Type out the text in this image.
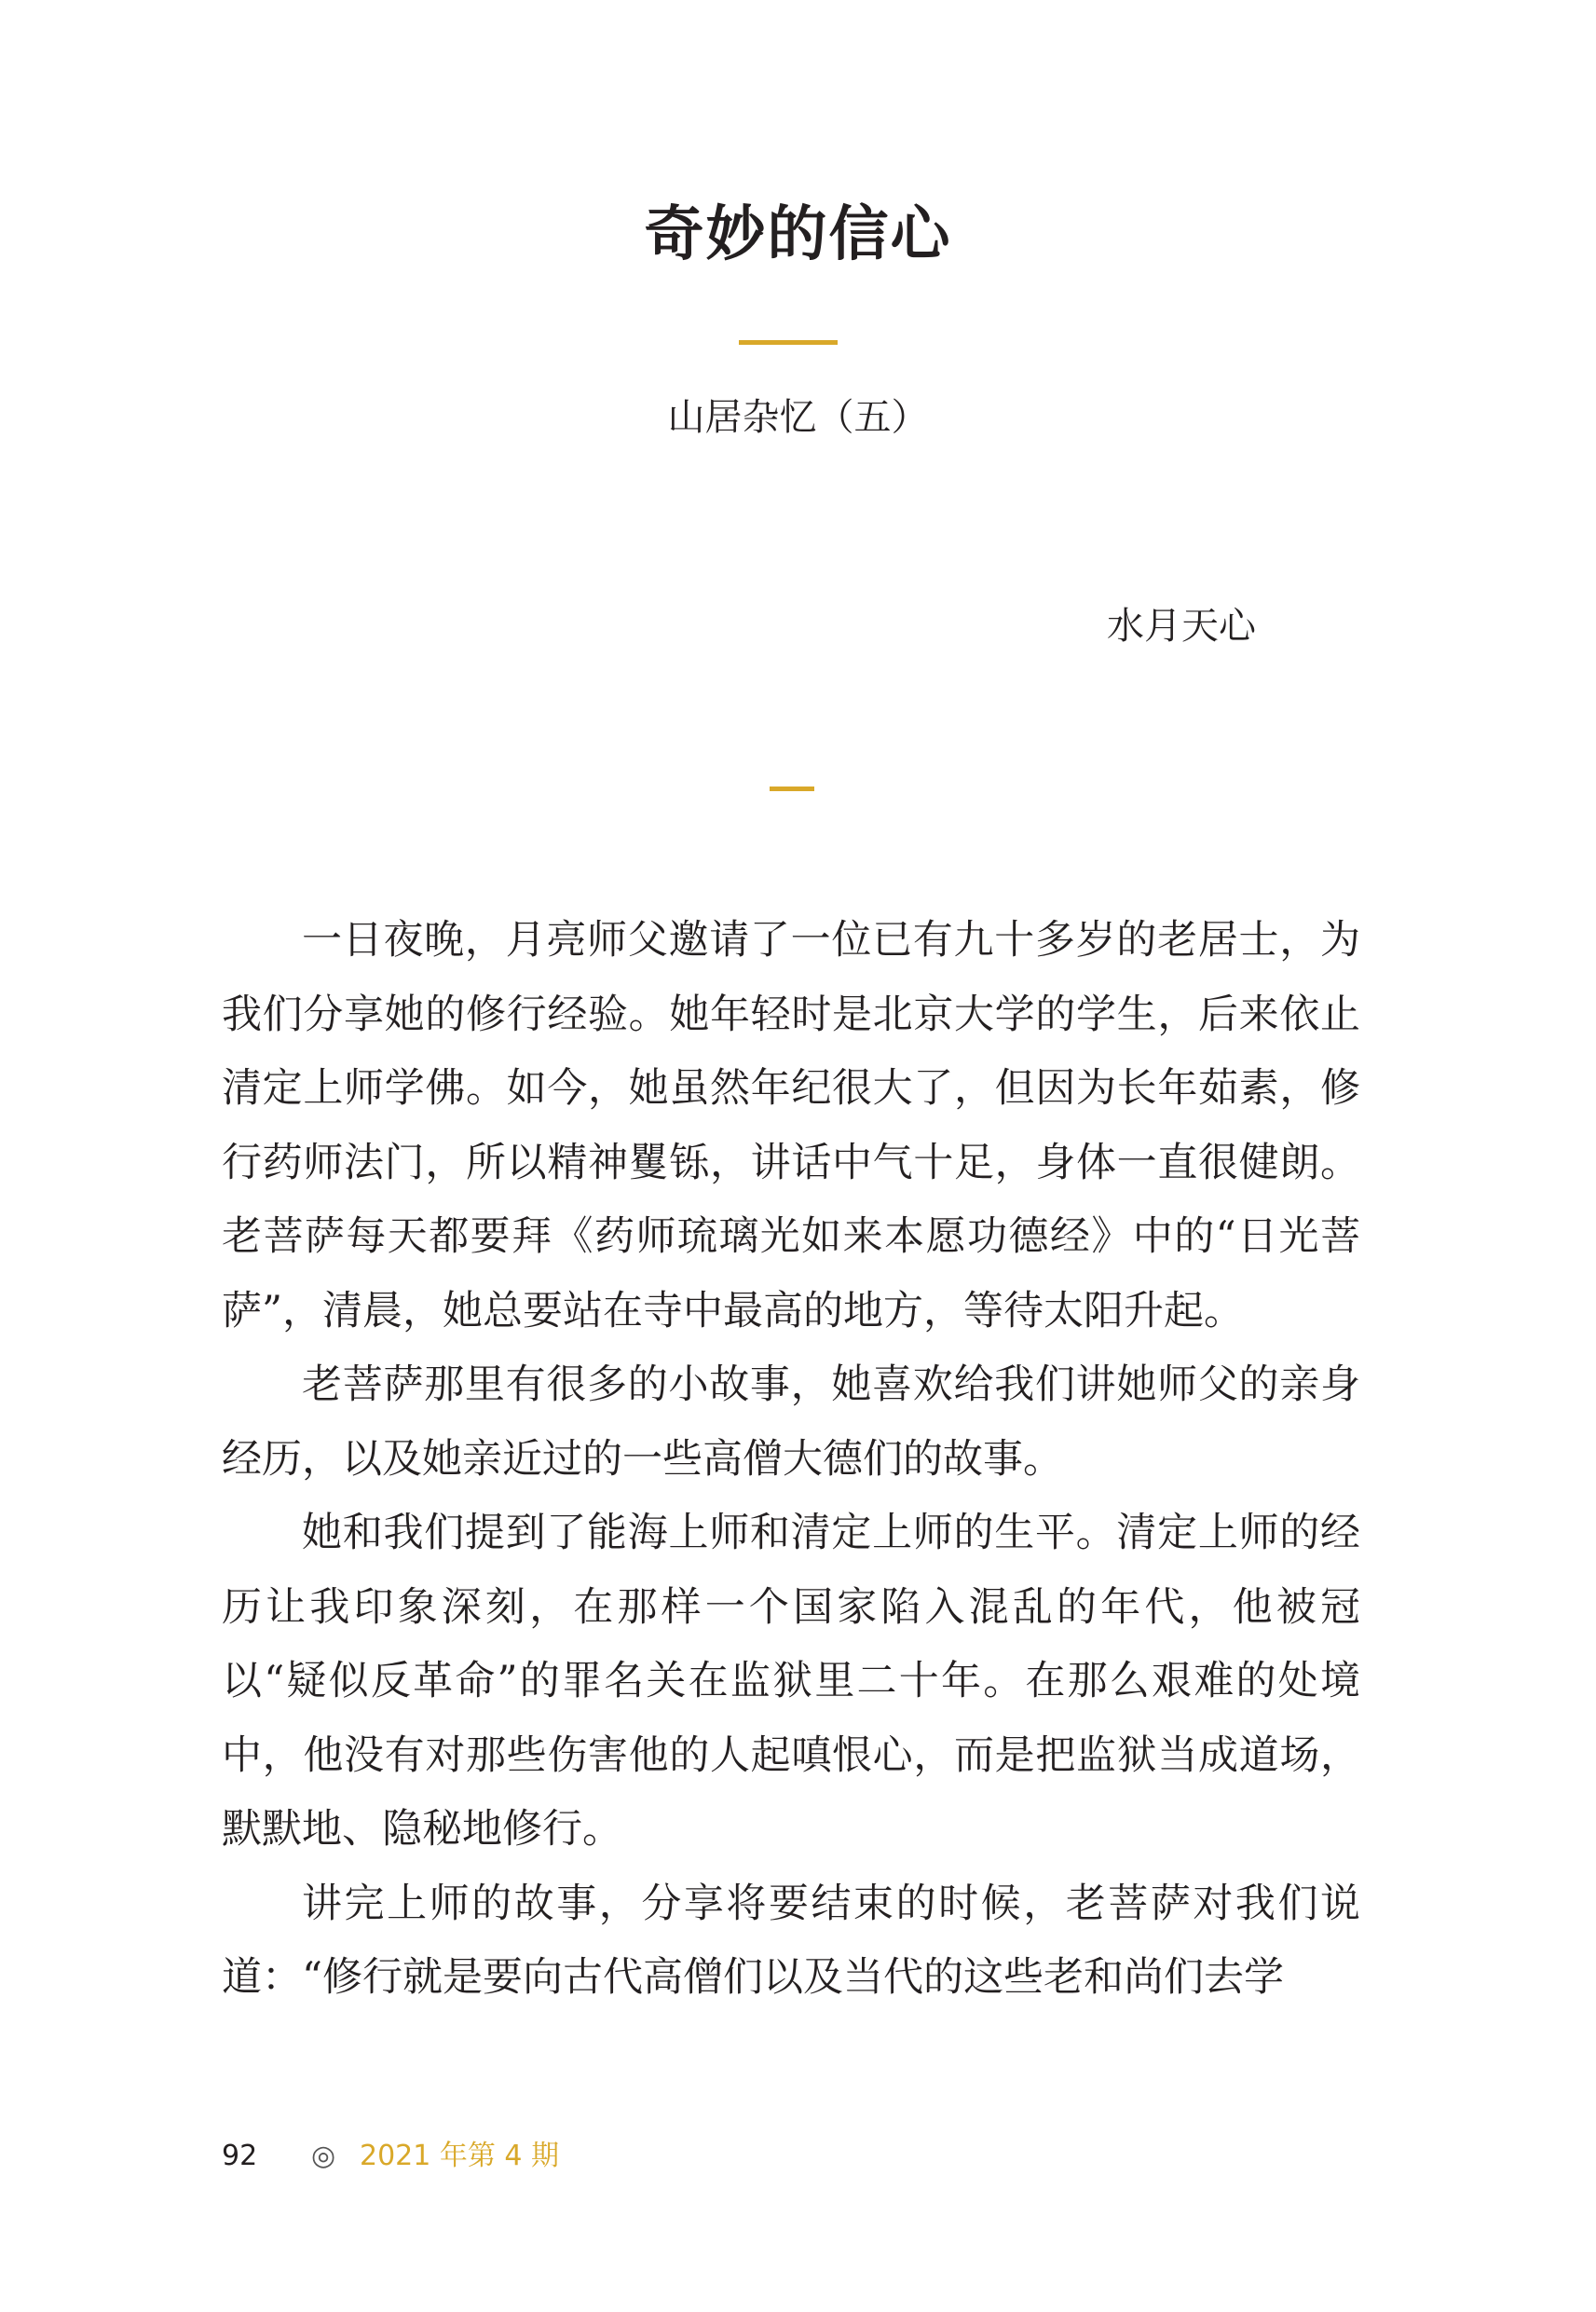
奇妙的信心
山居杂忆（五）
水月天心

一日夜晚，月亮师父邀请了一位已有九十多岁的老居士，为我们分享她的修行经验。她年轻时是北京大学的学生，后来依止清定上师学佛。如今，她虽然年纪很大了，但因为长年茹素，修行药师法门，所以精神矍铄，讲话中气十足，身体一直很健朗。老菩萨每天都要拜《药师琉璃光如来本愿功德经》中的“日光菩萨”，清晨，她总要站在寺中最高的地方，等待太阳升起。

老菩萨那里有很多的小故事，她喜欢给我们讲她师父的亲身经历，以及她亲近过的一些高僧大德们的故事。

她和我们提到了能海上师和清定上师的生平。清定上师的经历让我印象深刻，在那样一个国家陷入混乱的年代，他被冠以“疑似反革命”的罪名关在监狱里二十年。在那么艰难的处境中，他没有对那些伤害他的人起嗔恨心，而是把监狱当成道场，默默地、隐秘地修行。

讲完上师的故事，分享将要结束的时候，老菩萨对我们说道：“修行就是要向古代高僧们以及当代的这些老和尚们去学

92 ◎ 2021 年第 4 期
